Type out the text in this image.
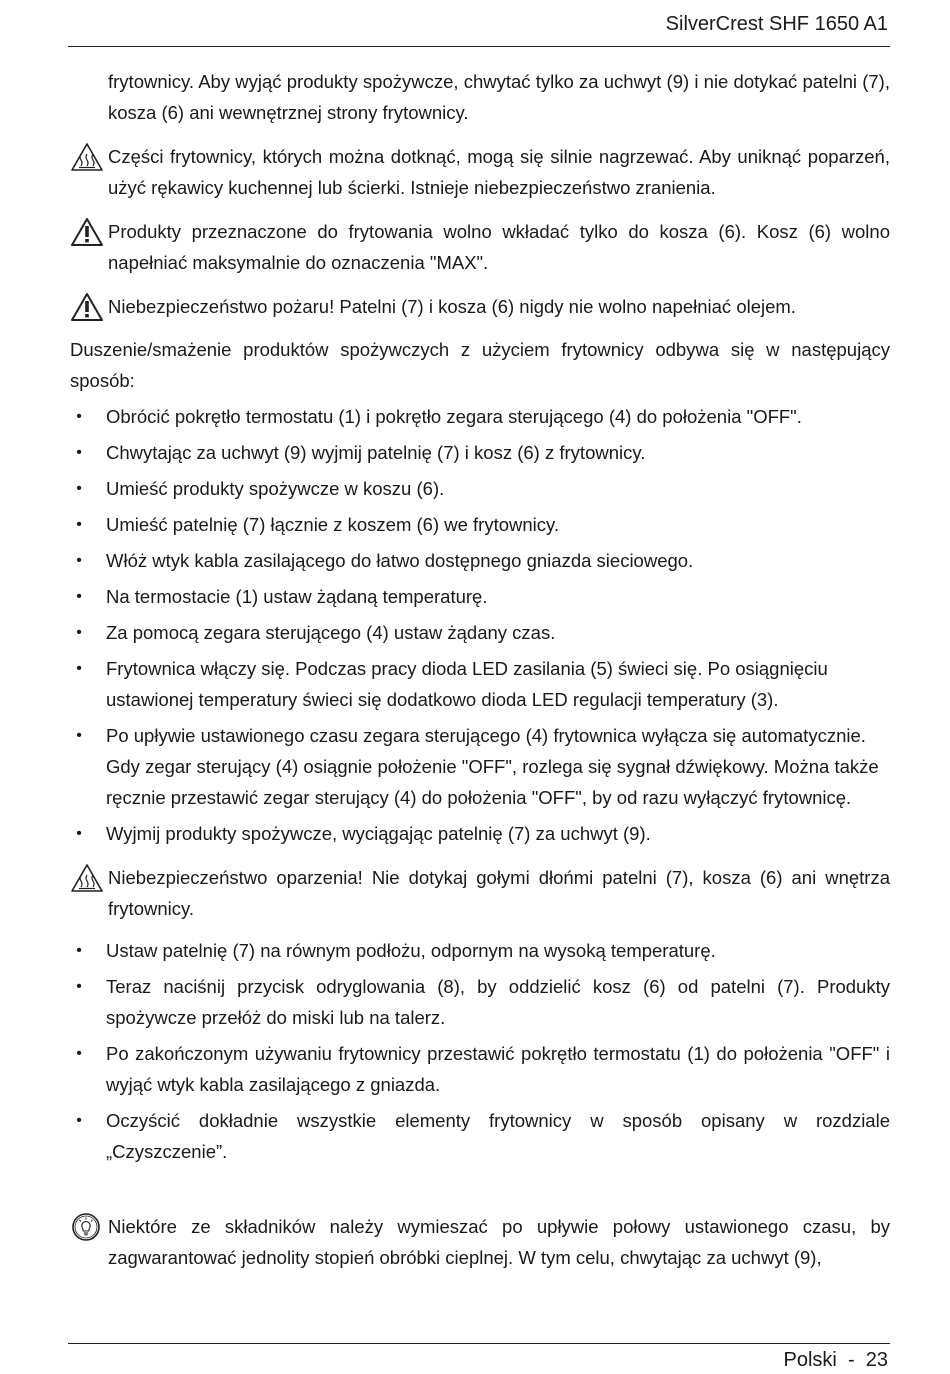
SilverCrest SHF 1650 A1

frytownicy. Aby wyjąć produkty spożywcze, chwytać tylko za uchwyt (9) i nie dotykać patelni (7), kosza (6) ani wewnętrznej strony frytownicy.

Części frytownicy, których można dotknąć, mogą się silnie nagrzewać. Aby uniknąć poparzeń, użyć rękawicy kuchennej lub ścierki. Istnieje niebezpieczeństwo zranienia.
Produkty przeznaczone do frytowania wolno wkładać tylko do kosza (6). Kosz (6) wolno napełniać maksymalnie do oznaczenia "MAX".
Niebezpieczeństwo pożaru! Patelni (7) i kosza (6) nigdy nie wolno napełniać olejem.

Duszenie/smażenie produktów spożywczych z użyciem frytownicy odbywa się w następujący sposób:

• Obrócić pokrętło termostatu (1) i pokrętło zegara sterującego (4) do położenia "OFF".
• Chwytając za uchwyt (9) wyjmij patelnię (7) i kosz (6) z frytownicy.
• Umieść produkty spożywcze w koszu (6).
• Umieść patelnię (7) łącznie z koszem (6) we frytownicy.
• Włóż wtyk kabla zasilającego do łatwo dostępnego gniazda sieciowego.
• Na termostacie (1) ustaw żądaną temperaturę.
• Za pomocą zegara sterującego (4) ustaw żądany czas.
• Frytownica włączy się. Podczas pracy dioda LED zasilania (5) świeci się. Po osiągnięciu ustawionej temperatury świeci się dodatkowo dioda LED regulacji temperatury (3).
• Po upływie ustawionego czasu zegara sterującego (4) frytownica wyłącza się automatycznie. Gdy zegar sterujący (4) osiągnie położenie "OFF", rozlega się sygnał dźwiękowy. Można także ręcznie przestawić zegar sterujący (4) do położenia "OFF", by od razu wyłączyć frytownicę.
• Wyjmij produkty spożywcze, wyciągając patelnię (7) za uchwyt (9).
Niebezpieczeństwo oparzenia! Nie dotykaj gołymi dłońmi patelni (7), kosza (6) ani wnętrza frytownicy.
• Ustaw patelnię (7) na równym podłożu, odpornym na wysoką temperaturę.
• Teraz naciśnij przycisk odryglowania (8), by oddzielić kosz (6) od patelni (7). Produkty spożywcze przełóż do miski lub na talerz.
• Po zakończonym używaniu frytownicy przestawić pokrętło termostatu (1) do położenia "OFF" i wyjąć wtyk kabla zasilającego z gniazda.
• Oczyścić dokładnie wszystkie elementy frytownicy w sposób opisany w rozdziale „Czyszczenie”.
Niektóre ze składników należy wymieszać po upływie połowy ustawionego czasu, by zagwarantować jednolity stopień obróbki cieplnej. W tym celu, chwytając za uchwyt (9),
Polski  -  23
